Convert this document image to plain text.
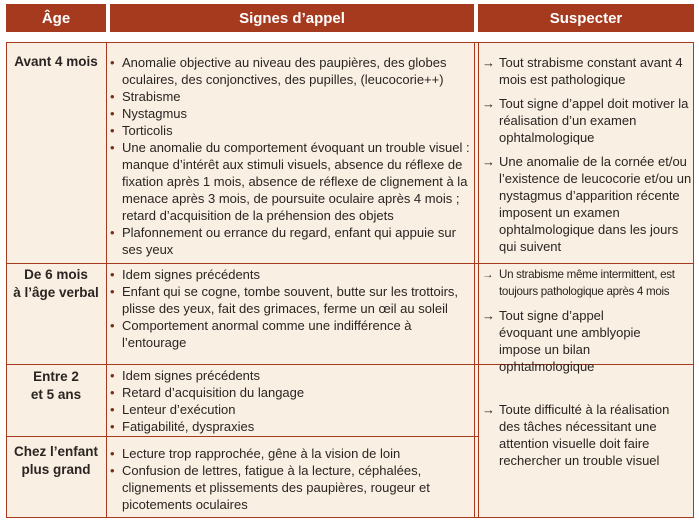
Âge	Signes d’appel	Suspecter
Avant 4 mois
•	Anomalie objective au niveau des paupières, des globes oculaires, des conjonctives, des pupilles, (leucocorie++)
• Strabisme
• Nystagmus
• Torticolis
• Une anomalie du comportement évoquant un trouble visuel : manque d’intérêt aux stimuli visuels, absence du réflexe de fixation après 1 mois, absence de réflexe de clignement à la menace après 3 mois, de poursuite oculaire après 4 mois ; retard d’acquisition de la préhension des objets
• Plafonnement ou errance du regard, enfant qui appuie sur ses yeux
→ Tout strabisme constant avant 4 mois est pathologique
→ Tout signe d’appel doit motiver la réalisation d’un examen ophtalmologique
→ Une anomalie de la cornée et/ou l’existence de leucocorie et/ou un nystagmus d’apparition récente imposent un examen ophtalmologique dans les jours qui suivent
De 6 mois
à l’âge verbal
• Idem signes précédents
• Enfant qui se cogne, tombe souvent, butte sur les trottoirs, plisse des yeux, fait des grimaces, ferme un œil au soleil
• Comportement anormal comme une indifférence à l’entourage
→ Un strabisme même intermittent, est toujours pathologique après 4 mois
→ Tout signe d’appel évoquant une amblyopie impose un bilan ophtalmologique
Entre 2
et 5 ans
• Idem signes précédents
• Retard d’acquisition du langage
• Lenteur d’exécution
• Fatigabilité, dyspraxies
→ Toute difficulté à la réalisation des tâches nécessitant une attention visuelle doit faire rechercher un trouble visuel
Chez l’enfant
plus grand
• Lecture trop rapprochée, gêne à la vision de loin
• Confusion de lettres, fatigue à la lecture, céphalées, clignements et plissements des paupières, rougeur et picotements oculaires
